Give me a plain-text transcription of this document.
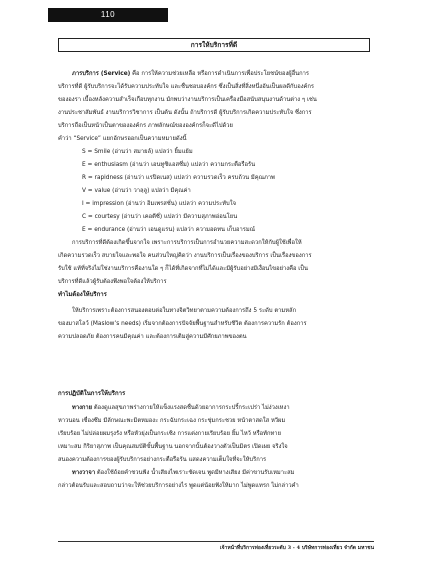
110
การให้บริการที่ดี
ภารบริการ (Service) คือ การให้ความช่วยเหลือ หรือการดำเนินการเพื่อประโยชน์ของผู้อื่นการ
บริการที่ดี ผู้รับบริการจะได้รับความประทับใจ และชื่นชอบองค์กร ซึ่งเป็นสิ่งที่สิ่งหนึ่งอันเป็นผลดีกับองค์กร
ขององรา เบื้องหลังความสำเร็จเกือบทุกงาน มักพบว่างานบริการเป็นเครื่องมือสนับสนุนงานด้านต่าง ๆ เช่น
งานประชาสัมพันธ์ งานบริการวิชาการ เป็นต้น ดังนั้น ถ้าบริการดี ผู้รับบริการเกิดความประทับใจ ซึ่งการ
บริการถือเป็นหน้าเป็นตาขององค์กร ภาพลักษณ์ขององค์กรก็จะดีไปด้วย
คำว่า “Service” แยกอักษรออกเป็นความหมายดังนี้
S = Smile (อ่านว่า สมายล์) แปลว่า ยิ้มแย้ม
E = enthusiasm (อ่านว่า เอนทูซิแอสซึ่ม) แปลว่า ความกระตือรือร้น
R = rapidness (อ่านว่า แรปิดเนส) แปลว่า ความรวดเร็ว ครบถ้วน มีคุณภาพ
V = value (อ่านว่า วาลฺลู) แปลว่า มีคุณค่า
I = impression (อ่านว่า อิมเพรสชั่น) แปลว่า ความประทับใจ
C = courtesy (อ่านว่า เคอตีซี่) แปลว่า มีความสุภาพอ่อนโยน
E = endurance (อ่านว่า เอนดูแรน) แปลว่า ความอดทน เก็บอารมณ์
การบริการที่ดีต้องเกิดขึ้นจากใจ เพราะการบริการเป็นการอำนวยความสะดวกให้กับผู้ใช้เพื่อให้
เกิดความรวดเร็ว สบายใจและพอใจ คนส่วนใหญ่คิดว่า งานบริการเป็นเรื่องของบริการ เป็นเรื่องของการ
รับใช้ แท้ที่จริงไม่ใช่งานบริการคืองานใด ๆ ก็ได้ที่เกิดจากที่ไม่ได้และมีผู้รับอย่างมีเงื่อนไขอย่างคือ เป็น
บริการที่ดีแล้วผู้รับต้องพึงพอใจต้องให้บริการ
ทำไมต้องให้บริการ
ให้บริการเพราะต้องการสนองตอบต่อในทางจิตวิทยาตามความต้องการถึง 5 ระดับ ตามหลัก
ของมาสโลว์ (Maslow’s needs) เริ่มจากต้องการปัจจัยพื้นฐานสำหรับชีวิต ต้องการความรัก ต้องการ
ความปลอดภัย ต้องการคนมีคุณค่า และต้องการเติมสู่ความมีศักยภาพของตน
การปฏิบัติในการให้บริการ
ทางกาย ต้องดูแลสุขภาพร่างกายให้แข็งแรงสดชื่นด้วยอาการกระปรี้กระเปร่า ไม่ง่วงเหงา
หาวนอน เซื่องซึม มีลักษณะพะมิตหมองะ กระฉับกระเฉง กระชุ่มกระชวย หน้าตาสดใส หวีผม
เรียบร้อย ไม่ปล่อยผมรุงรัง หรือหัวยุ่งเป็นกระเซิง การแต่งกายเรียบร้อย ยิ้ม ไหว้ หรือทักทาย
เหมาะสม กิริยาสุภาพ เป็นคุณสมบัติขั้นพื้นฐาน นอกจากนั้นต้องวางตัวเป็นมิตร เปิดเผย จริงใจ
สนองความต้องการของผู้รับบริการอย่างกระตือรือร้น แสดงความเต็มใจที่จะให้บริการ
ทางวาจา ต้องใช้ถ้อยคำชวนฟัง น้ำเสียงไพเราะชัดเจน พูดมีหางเสียง มีค่าขานรับเหมาะสม
กล่าวต้อนรับและสอบถามว่าจะให้ช่วยบริการอย่างไร พูดแต่น้อยฟังให้มาก ไม่พูดแทรก ไม่กล่าวคำ
เจ้าหน้าที่บริการท่องเที่ยวระดับ 3 - 4 บริษัทการท่องเที่ยว จำกัด มหาชน
